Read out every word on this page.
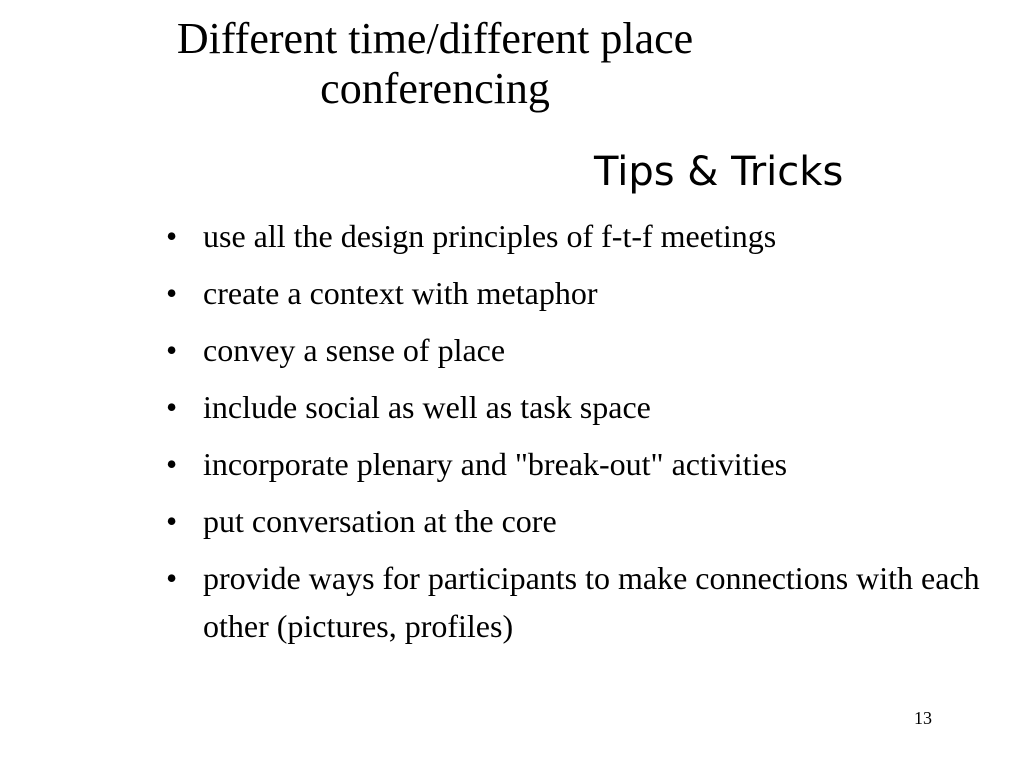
Different time/different place
conferencing
Tips & Tricks
• use all the design principles of f-t-f meetings
• create a context with metaphor
• convey a sense of place
• include social as well as task space
• incorporate plenary and "break-out" activities
• put conversation at the core
• provide ways for participants to make connections with each other (pictures, profiles)
13
